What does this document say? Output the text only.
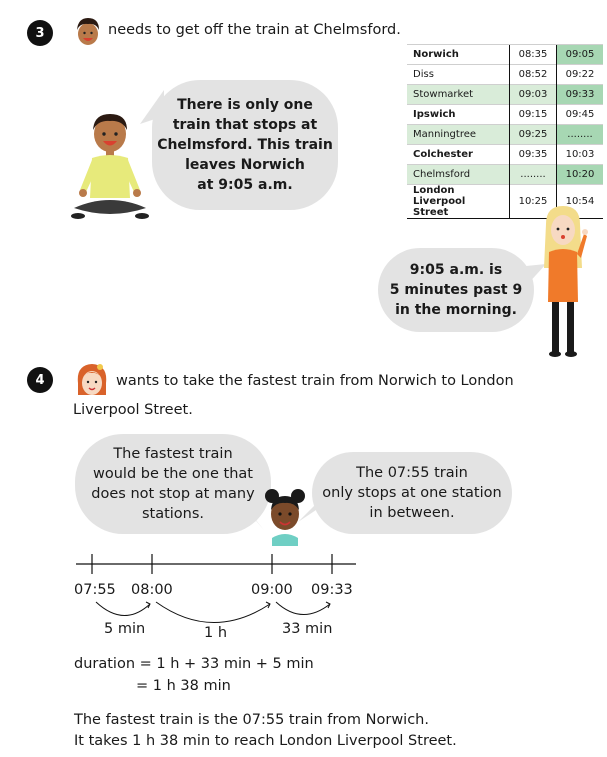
3	needs to get off the train at Chelmsford.
Norwich	08:35	09:05
Diss	08:52	09:22
Stowmarket	09:03	09:33
Ipswich	09:15	09:45
Manningtree	09:25	........
Colchester	09:35	10:03
Chelmsford	........	10:20

London
Liverpool Street	10:25	10:54
There is only one
train that stops at
Chelmsford. This train
leaves Norwich
at 9:05 a.m.
9:05 a.m. is
5 minutes past 9
in the morning.
4	wants to take the fastest train from Norwich to London
Liverpool Street.
The fastest train
would be the one that
does not stop at many
stations.
The 07:55 train
only stops at one station
in between.
07:55 08:00	09:00 09:33
5 min	1 h	33 min
duration = 1 h + 33 min + 5 min
= 1 h 38 min
The fastest train is the 07:55 train from Norwich.
It takes 1 h 38 min to reach London Liverpool Street.
